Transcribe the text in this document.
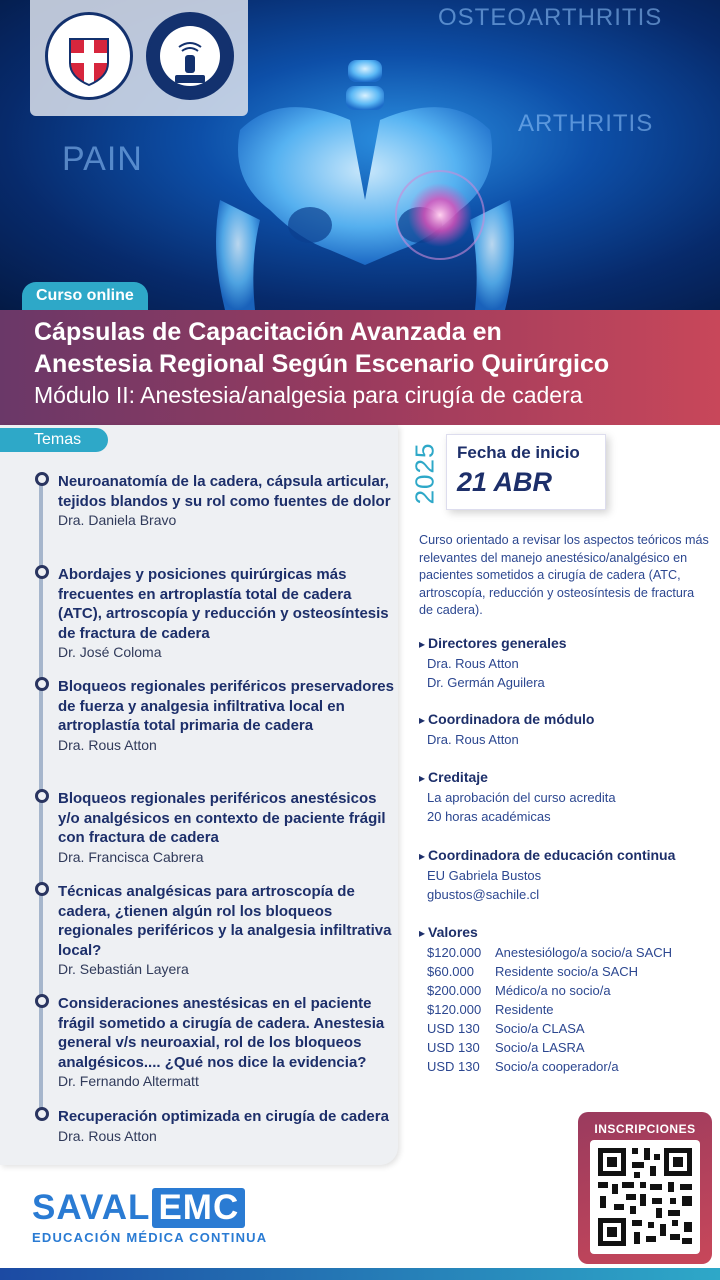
OSTEOARTHRITIS
ARTHRITIS
PAIN
Curso online
Cápsulas de Capacitación Avanzada en
Anestesia Regional Según Escenario Quirúrgico
Módulo II: Anestesia/analgesia para cirugía de cadera
Temas
Neuroanatomía de la cadera, cápsula articular, tejidos blandos y su rol como fuentes de dolor
Dra. Daniela Bravo
Abordajes y posiciones quirúrgicas más frecuentes en artroplastía total de cadera (ATC), artroscopía y reducción y osteosíntesis de fractura de cadera
Dr. José Coloma
Bloqueos regionales periféricos preservadores de fuerza y analgesia infiltrativa local en artroplastía total primaria de cadera
Dra. Rous Atton
Bloqueos regionales periféricos anestésicos y/o analgésicos en contexto de paciente frágil con fractura de cadera
Dra. Francisca Cabrera
Técnicas analgésicas para artroscopía de cadera, ¿tienen algún rol los bloqueos regionales periféricos y la analgesia infiltrativa local?
Dr. Sebastián Layera
Consideraciones anestésicas en el paciente frágil sometido a cirugía de cadera. Anestesia general v/s neuroaxial, rol de los bloqueos analgésicos.... ¿Qué nos dice la evidencia?
Dr. Fernando Altermatt
Recuperación optimizada en cirugía de cadera
Dra. Rous Atton
2025 Fecha de inicio
21 ABR
Curso orientado a revisar los aspectos teóricos más relevantes del manejo anestésico/analgésico en pacientes sometidos a cirugía de cadera (ATC, artroscopía, reducción y osteosíntesis de fractura de cadera).
▸ Directores generales
Dra. Rous Atton
Dr. Germán Aguilera
▸ Coordinadora de módulo
Dra. Rous Atton
▸ Creditaje
La aprobación del curso acredita
20 horas académicas
▸ Coordinadora de educación continua
EU Gabriela Bustos
gbustos@sachile.cl
▸ Valores
$120.000 Anestesiólogo/a socio/a SACH
$60.000 Residente socio/a SACH
$200.000 Médico/a no socio/a
$120.000 Residente
USD 130 Socio/a CLASA
USD 130 Socio/a LASRA
USD 130 Socio/a cooperador/a
SAVAL EMC
EDUCACIÓN MÉDICA CONTINUA
INSCRIPCIONES
